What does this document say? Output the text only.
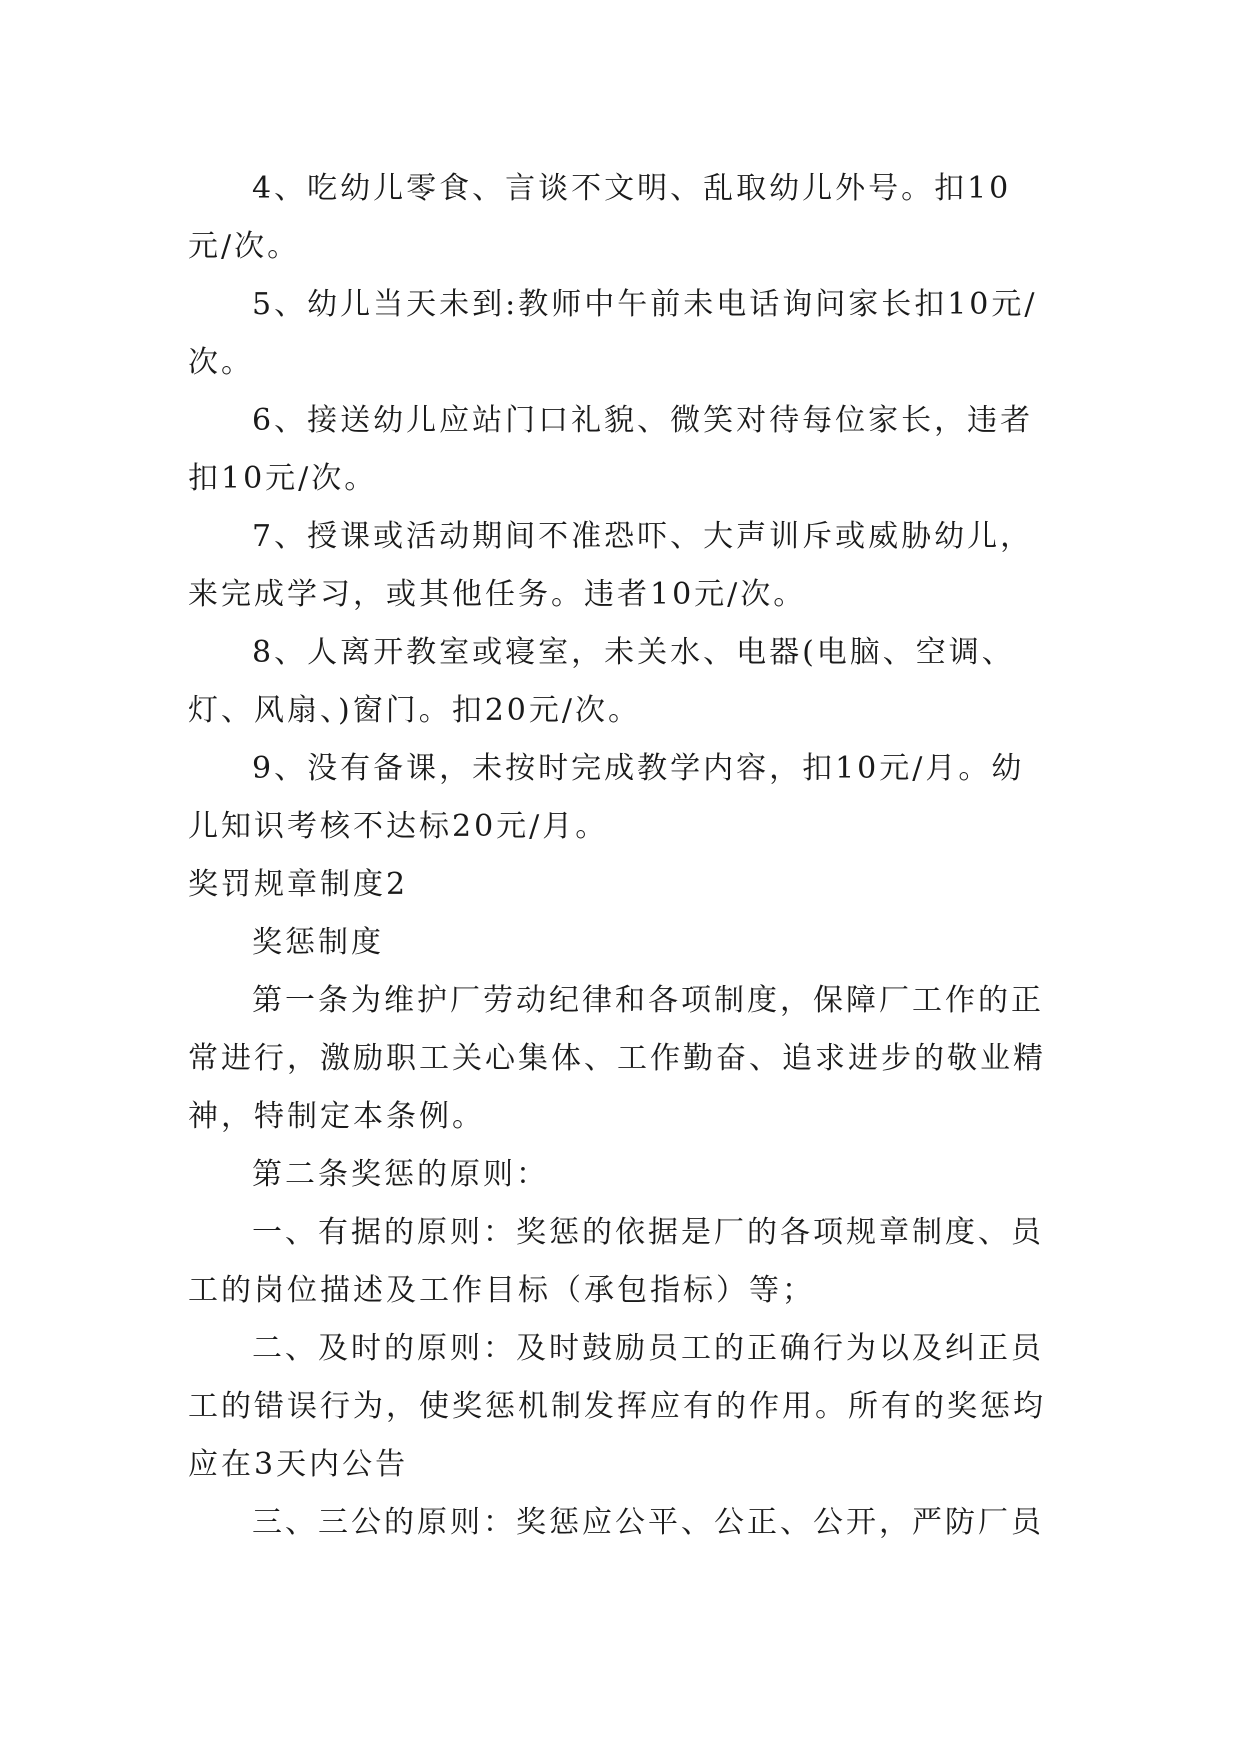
4、吃幼儿零食、言谈不文明、乱取幼儿外号。扣10元/次。

5、幼儿当天未到:教师中午前未电话询问家长扣10元/次。

6、接送幼儿应站门口礼貌、微笑对待每位家长，违者扣10元/次。

7、授课或活动期间不准恐吓、大声训斥或威胁幼儿，来完成学习，或其他任务。违者10元/次。

8、人离开教室或寝室，未关水、电器(电脑、空调、灯、风扇、)窗门。扣20元/次。

9、没有备课，未按时完成教学内容，扣10元/月。幼儿知识考核不达标20元/月。

奖罚规章制度2

奖惩制度

第一条为维护厂劳动纪律和各项制度，保障厂工作的正常进行，激励职工关心集体、工作勤奋、追求进步的敬业精神，特制定本条例。

第二条奖惩的原则：

一、有据的原则：奖惩的依据是厂的各项规章制度、员工的岗位描述及工作目标（承包指标）等；

二、及时的原则：及时鼓励员工的正确行为以及纠正员工的错误行为，使奖惩机制发挥应有的作用。所有的奖惩均应在3天内公告

三、三公的原则：奖惩应公平、公正、公开，严防厂员
